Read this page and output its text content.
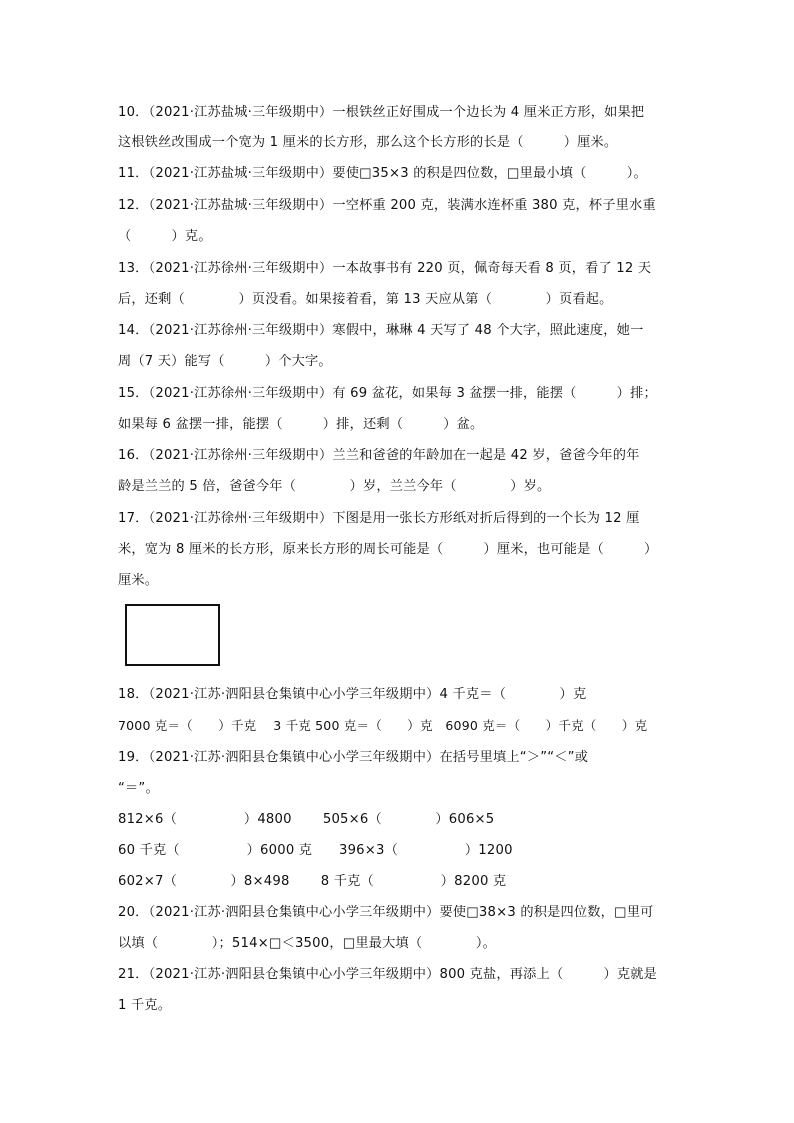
10．（2021·江苏盐城·三年级期中）一根铁丝正好围成一个边长为 4 厘米正方形，如果把
这根铁丝改围成一个宽为 1 厘米的长方形，那么这个长方形的长是（　　　）厘米。
11．（2021·江苏盐城·三年级期中）要使□35×3 的积是四位数，□里最小填（　　　）。
12．（2021·江苏盐城·三年级期中）一空杯重 200 克，装满水连杯重 380 克，杯子里水重
（　　　）克。
13．（2021·江苏徐州·三年级期中）一本故事书有 220 页，佩奇每天看 8 页，看了 12 天
后，还剩（　　　　）页没看。如果接着看，第 13 天应从第（　　　　）页看起。
14．（2021·江苏徐州·三年级期中）寒假中，琳琳 4 天写了 48 个大字，照此速度，她一
周（7 天）能写（　　　）个大字。
15．（2021·江苏徐州·三年级期中）有 69 盆花，如果每 3 盆摆一排，能摆（　　　）排；
如果每 6 盆摆一排，能摆（　　　）排，还剩（　　　）盆。
16．（2021·江苏徐州·三年级期中）兰兰和爸爸的年龄加在一起是 42 岁，爸爸今年的年
龄是兰兰的 5 倍，爸爸今年（　　　　）岁，兰兰今年（　　　　）岁。
17．（2021·江苏徐州·三年级期中）下图是用一张长方形纸对折后得到的一个长为 12 厘
米，宽为 8 厘米的长方形，原来长方形的周长可能是（　　　）厘米，也可能是（　　　）
厘米。
18．（2021·江苏·泗阳县仓集镇中心小学三年级期中）4 千克＝（　　　　）克
7000 克＝（　　）千克　 3 千克 500 克＝（　　）克　6090 克＝（　　）千克（　　）克
19．（2021·江苏·泗阳县仓集镇中心小学三年级期中）在括号里填上“＞”“＜”或
“＝”。
812×6（　　　　　）4800　　 505×6（　　　　）606×5
60 千克（　　　　　）6000 克　　396×3（　　　　　）1200
602×7（　　　　）8×498　　 8 千克（　　　　　）8200 克
20．（2021·江苏·泗阳县仓集镇中心小学三年级期中）要使□38×3 的积是四位数，□里可
以填（　　　　）；514×□＜3500，□里最大填（　　　　）。
21．（2021·江苏·泗阳县仓集镇中心小学三年级期中）800 克盐，再添上（　　　）克就是
1 千克。
